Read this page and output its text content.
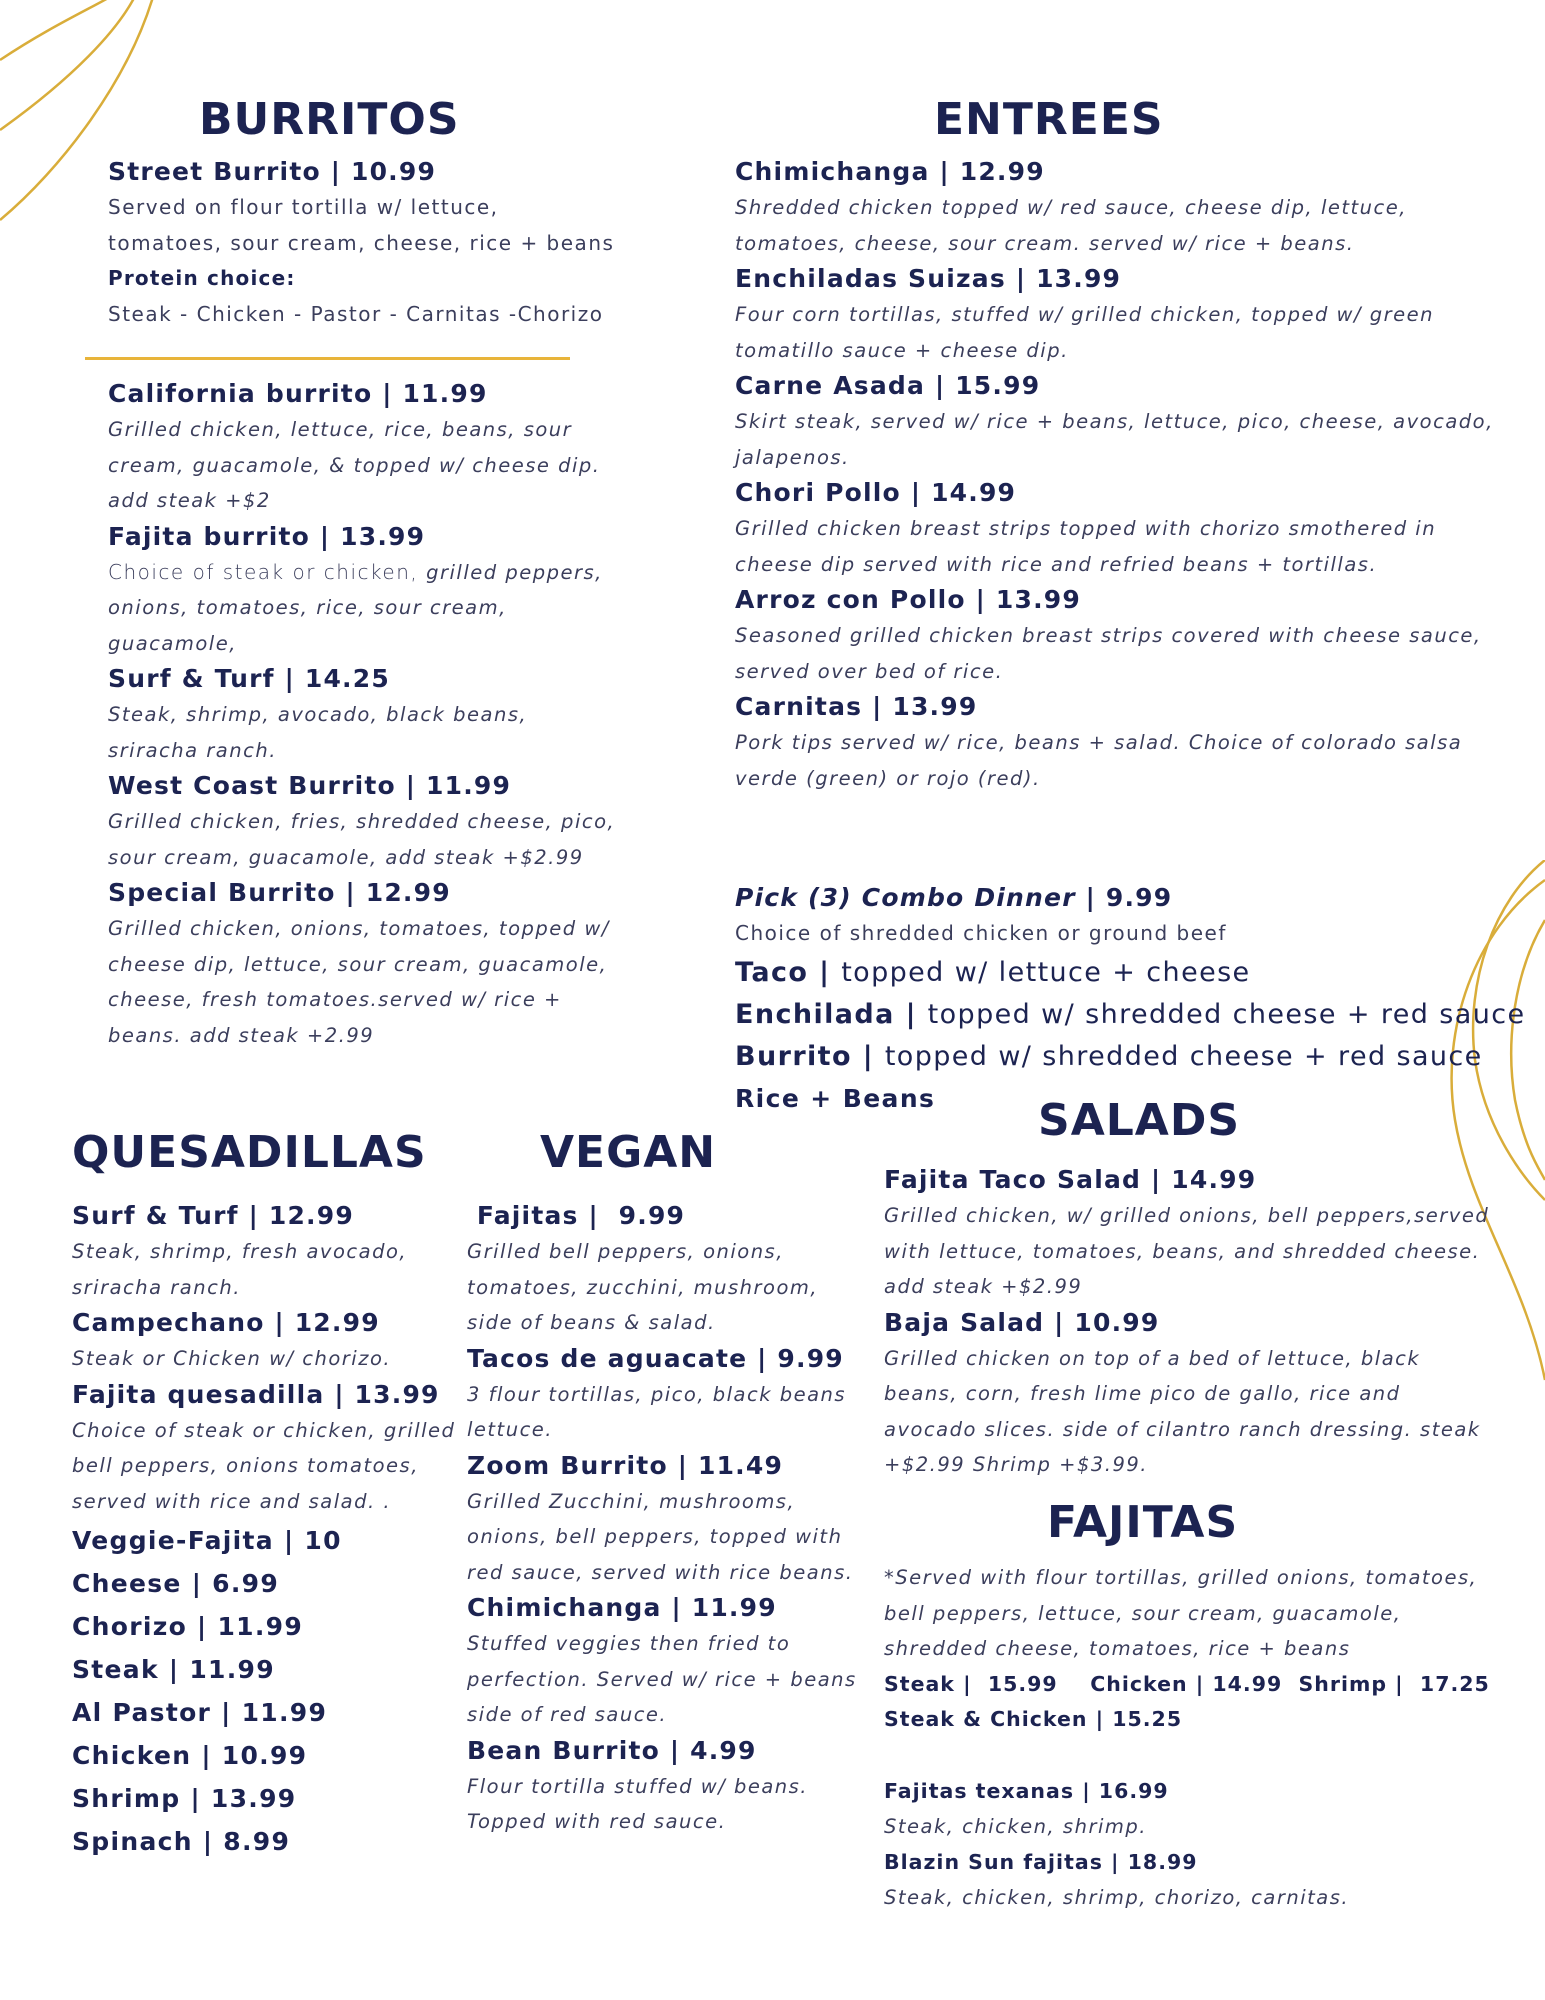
BURRITOS
Street Burrito | 10.99
Served on flour tortilla w/ lettuce, tomatoes, sour cream, cheese, rice + beans
Protein choice:
Steak - Chicken - Pastor - Carnitas -Chorizo
California burrito | 11.99
Grilled chicken, lettuce, rice, beans, sour cream, guacamole, & topped w/ cheese dip. add steak +$2
Fajita burrito | 13.99
Choice of steak or chicken, grilled peppers, onions, tomatoes, rice, sour cream, guacamole,
Surf & Turf | 14.25
Steak, shrimp, avocado, black beans, sriracha ranch.
West Coast Burrito | 11.99
Grilled chicken, fries, shredded cheese, pico, sour cream, guacamole, add steak +$2.99
Special Burrito | 12.99
Grilled chicken, onions, tomatoes, topped w/ cheese dip, lettuce, sour cream, guacamole, cheese, fresh tomatoes.served w/ rice + beans. add steak +2.99
ENTREES
Chimichanga | 12.99
Shredded chicken topped w/ red sauce, cheese dip, lettuce, tomatoes, cheese, sour cream. served w/ rice + beans.
Enchiladas Suizas | 13.99
Four corn tortillas, stuffed w/ grilled chicken, topped w/ green tomatillo sauce + cheese dip.
Carne Asada | 15.99
Skirt steak, served w/ rice + beans, lettuce, pico, cheese, avocado, jalapenos.
Chori Pollo | 14.99
Grilled chicken breast strips topped with chorizo smothered in cheese dip served with rice and refried beans + tortillas.
Arroz con Pollo | 13.99
Seasoned grilled chicken breast strips covered with cheese sauce, served over bed of rice.
Carnitas | 13.99
Pork tips served w/ rice, beans + salad. Choice of colorado salsa verde (green) or rojo (red).
Pick (3) Combo Dinner | 9.99
Choice of shredded chicken or ground beef
Taco | topped w/ lettuce + cheese
Enchilada | topped w/ shredded cheese + red sauce
Burrito | topped w/ shredded cheese + red sauce
Rice + Beans
QUESADILLAS
Surf & Turf | 12.99
Steak, shrimp, fresh avocado, sriracha ranch.
Campechano | 12.99
Steak or Chicken w/ chorizo.
Fajita quesadilla | 13.99
Choice of steak or chicken, grilled bell peppers, onions tomatoes, served with rice and salad. .
Veggie-Fajita | 10
Cheese | 6.99
Chorizo | 11.99
Steak | 11.99
Al Pastor | 11.99
Chicken | 10.99
Shrimp | 13.99
Spinach | 8.99
VEGAN
Fajitas |  9.99
Grilled bell peppers, onions, tomatoes, zucchini, mushroom, side of beans & salad.
Tacos de aguacate | 9.99
3 flour tortillas, pico, black beans lettuce.
Zoom Burrito | 11.49
Grilled Zucchini, mushrooms, onions, bell peppers, topped with red sauce, served with rice beans.
Chimichanga | 11.99
Stuffed veggies then fried to perfection. Served w/ rice + beans side of red sauce.
Bean Burrito | 4.99
Flour tortilla stuffed w/ beans. Topped with red sauce.
SALADS
Fajita Taco Salad | 14.99
Grilled chicken, w/ grilled onions, bell peppers,served with lettuce, tomatoes, beans, and shredded cheese. add steak +$2.99
Baja Salad | 10.99
Grilled chicken on top of a bed of lettuce, black beans, corn, fresh lime pico de gallo, rice and avocado slices. side of cilantro ranch dressing. steak +$2.99 Shrimp +$3.99.
FAJITAS
*Served with flour tortillas, grilled onions, tomatoes, bell peppers, lettuce, sour cream, guacamole, shredded cheese, tomatoes, rice + beans
Steak |  15.99    Chicken | 14.99  Shrimp |  17.25
Steak & Chicken | 15.25
Fajitas texanas | 16.99
Steak, chicken, shrimp.
Blazin Sun fajitas | 18.99
Steak, chicken, shrimp, chorizo, carnitas.
